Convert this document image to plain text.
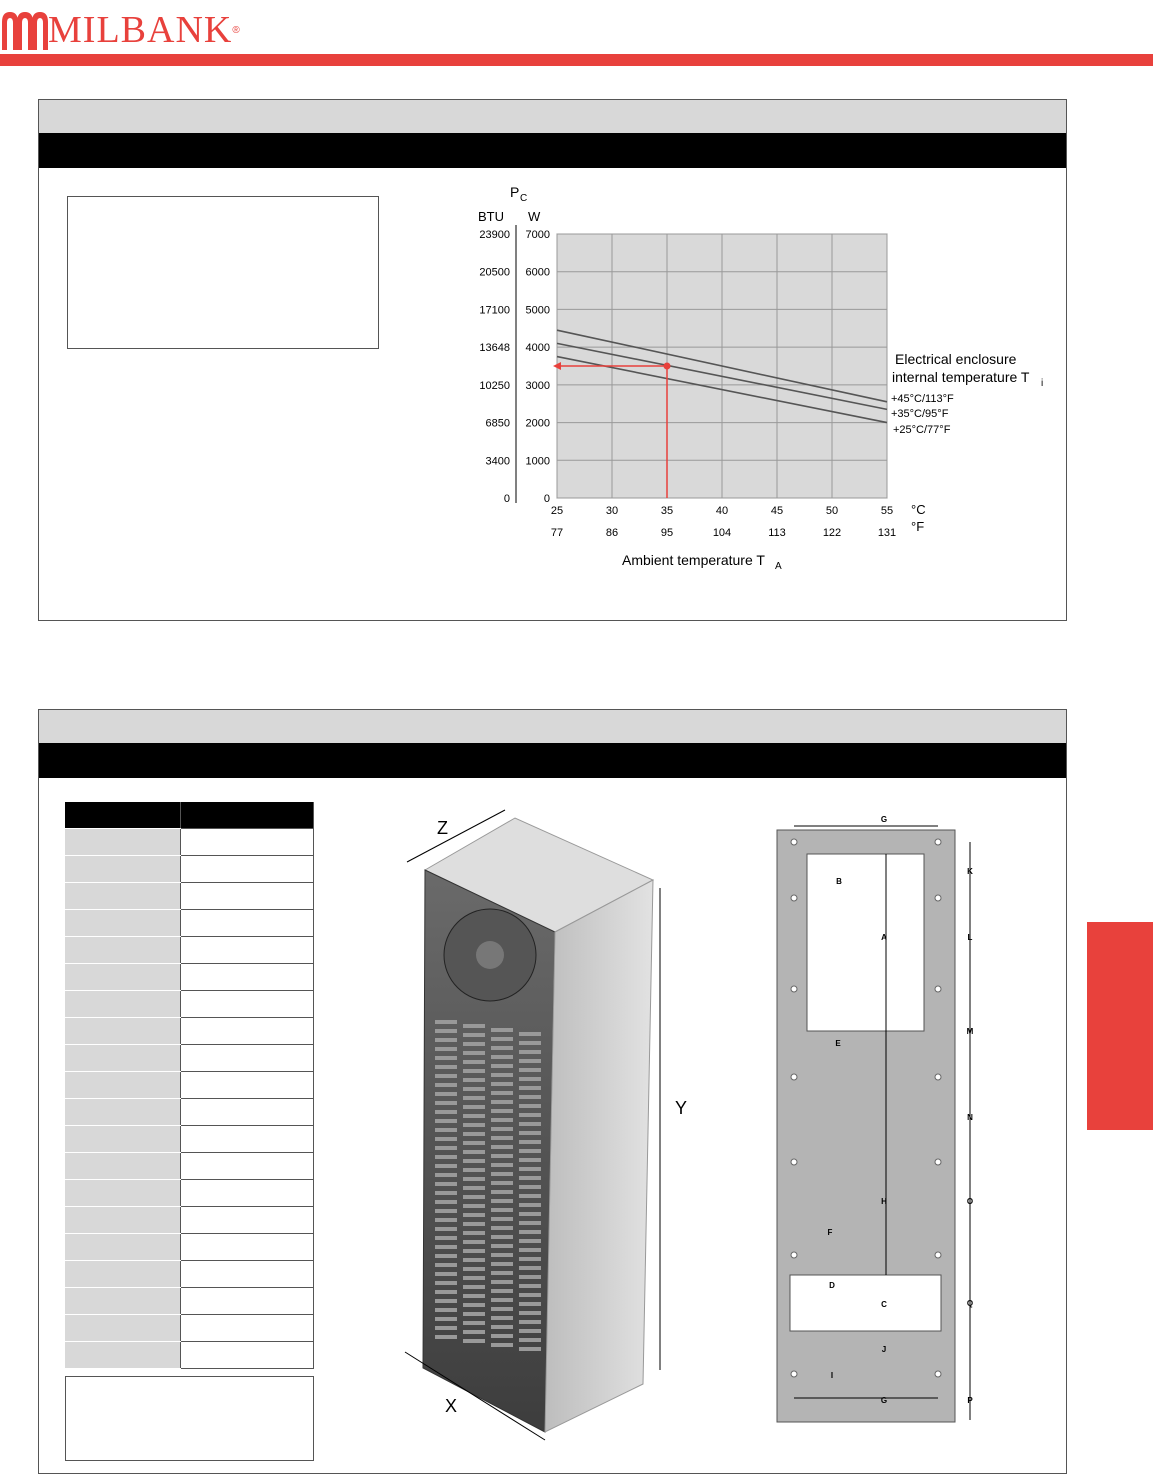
MILBANK ®
25
77
30
86
35
95
40
104
45
113
50
122
55
131
0
0
1000
3400
2000
6850
3000
10250
4000
13648
5000
17100
6000
20500
7000
23900
P C
BTU W
°C
°F
Ambient temperature T A
Electrical enclosure
internal temperature T i
+45°C/113°F
+35°C/95°F
+25°C/77°F

Z
Y
X
G
B
A
E
H
F
D
C
I
G
K
L
M
N
O
Q
P
J
